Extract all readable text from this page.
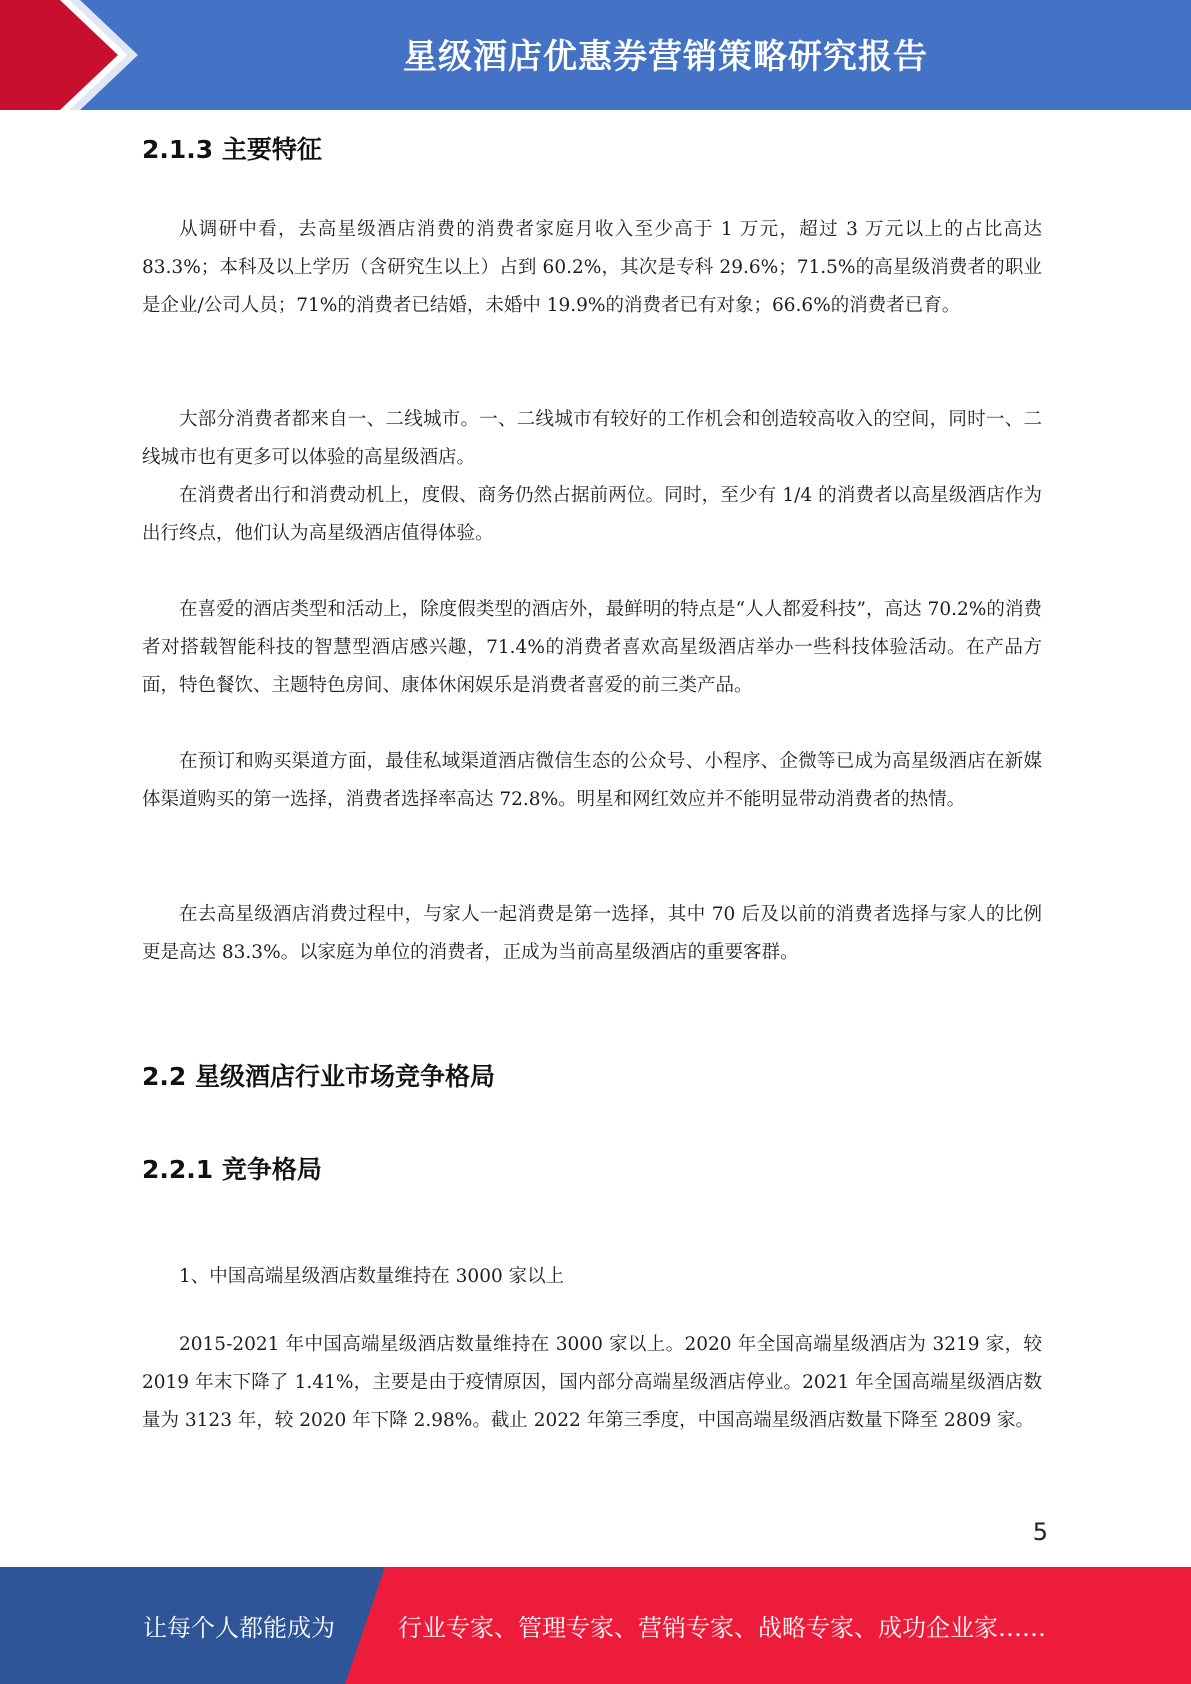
星级酒店优惠券营销策略研究报告
2.1.3 主要特征
从调研中看，去高星级酒店消费的消费者家庭月收入至少高于 1 万元，超过 3 万元以上的占比高达 83.3%；本科及以上学历（含研究生以上）占到 60.2%，其次是专科 29.6%；71.5%的高星级消费者的职业是企业/公司人员；71%的消费者已结婚，未婚中 19.9%的消费者已有对象；66.6%的消费者已育。
大部分消费者都来自一、二线城市。一、二线城市有较好的工作机会和创造较高收入的空间，同时一、二线城市也有更多可以体验的高星级酒店。
在消费者出行和消费动机上，度假、商务仍然占据前两位。同时，至少有 1/4 的消费者以高星级酒店作为出行终点，他们认为高星级酒店值得体验。
在喜爱的酒店类型和活动上，除度假类型的酒店外，最鲜明的特点是“人人都爱科技”，高达 70.2%的消费者对搭载智能科技的智慧型酒店感兴趣，71.4%的消费者喜欢高星级酒店举办一些科技体验活动。在产品方面，特色餐饮、主题特色房间、康体休闲娱乐是消费者喜爱的前三类产品。
在预订和购买渠道方面，最佳私域渠道酒店微信生态的公众号、小程序、企微等已成为高星级酒店在新媒体渠道购买的第一选择，消费者选择率高达 72.8%。明星和网红效应并不能明显带动消费者的热情。
在去高星级酒店消费过程中，与家人一起消费是第一选择，其中 70 后及以前的消费者选择与家人的比例更是高达 83.3%。以家庭为单位的消费者，正成为当前高星级酒店的重要客群。
2.2 星级酒店行业市场竞争格局
2.2.1 竞争格局
1、中国高端星级酒店数量维持在 3000 家以上
2015-2021 年中国高端星级酒店数量维持在 3000 家以上。2020 年全国高端星级酒店为 3219 家，较 2019 年末下降了 1.41%，主要是由于疫情原因，国内部分高端星级酒店停业。2021 年全国高端星级酒店数量为 3123 年，较 2020 年下降 2.98%。截止 2022 年第三季度，中国高端星级酒店数量下降至 2809 家。
5
让每个人都能成为	行业专家、管理专家、营销专家、战略专家、成功企业家……
